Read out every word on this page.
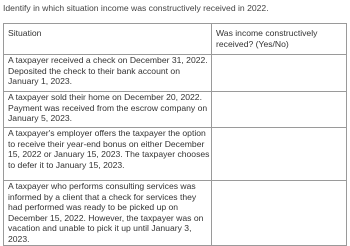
Identify in which situation income was constructively received in 2022.
Situation	Was income constructively received? (Yes/No)

A taxpayer received a check on December 31, 2022. Deposited the check to their bank account on January 1, 2023.	

A taxpayer sold their home on December 20, 2022. Payment was received from the escrow company on January 5, 2023.	

A taxpayer's employer offers the taxpayer the option to receive their year-end bonus on either December 15, 2022 or January 15, 2023. The taxpayer chooses to defer it to January 15, 2023.	

A taxpayer who performs consulting services was informed by a client that a check for services they had performed was ready to be picked up on December 15, 2022. However, the taxpayer was on vacation and unable to pick it up until January 3, 2023.	
